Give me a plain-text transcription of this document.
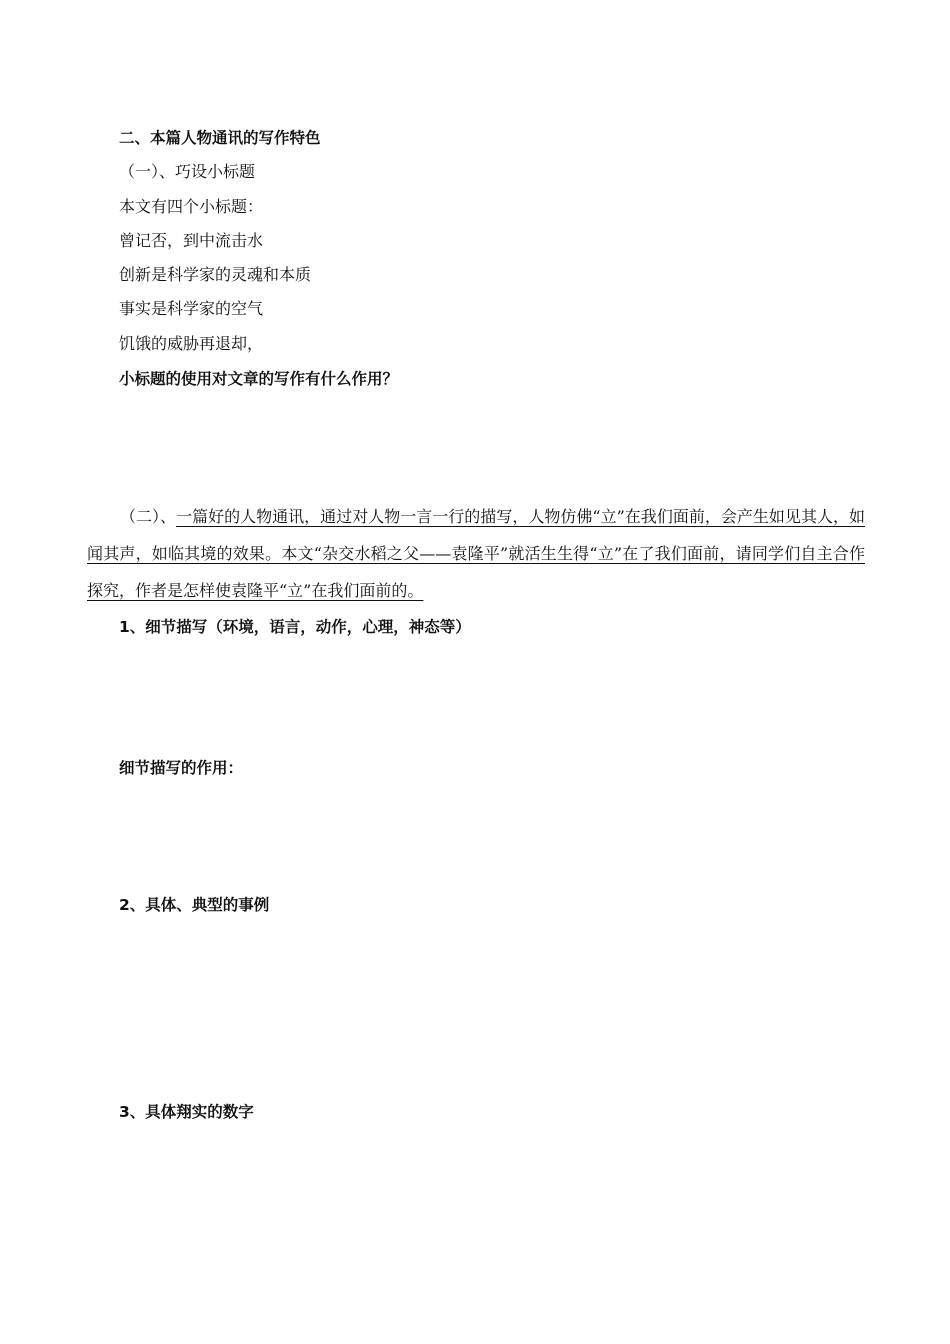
二、本篇人物通讯的写作特色
（一）、巧设小标题
本文有四个小标题：
曾记否，到中流击水
创新是科学家的灵魂和本质
事实是科学家的空气
饥饿的威胁再退却，
小标题的使用对文章的写作有什么作用？
（二）、一篇好的人物通讯，通过对人物一言一行的描写，人物仿佛“立”在我们面前，会产生如见其人，如闻其声，如临其境的效果。本文“杂交水稻之父——袁隆平”就活生生得“立”在了我们面前，请同学们自主合作探究，作者是怎样使袁隆平“立”在我们面前的。
1、细节描写（环境，语言，动作，心理，神态等）
细节描写的作用：
2、具体、典型的事例
3、具体翔实的数字
